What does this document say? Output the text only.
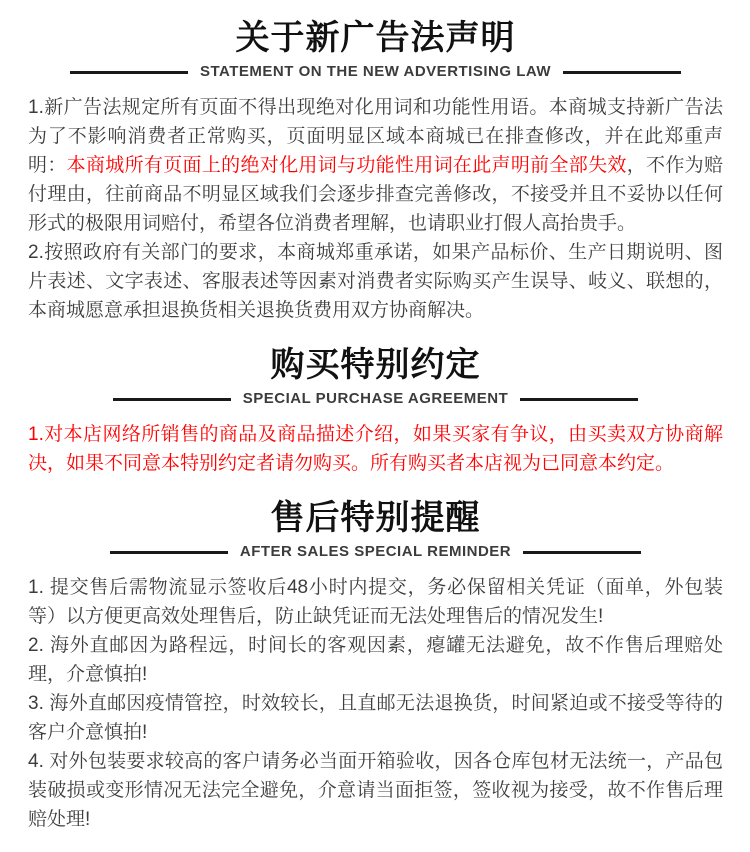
关于新广告法声明
STATEMENT ON THE NEW ADVERTISING LAW

1.新广告法规定所有页面不得出现绝对化用词和功能性用语。本商城支持新广告法为了不影响消费者正常购买，页面明显区域本商城已在排查修改，并在此郑重声明：本商城所有页面上的绝对化用词与功能性用词在此声明前全部失效，不作为赔付理由，往前商品不明显区域我们会逐步排查完善修改，不接受并且不妥协以任何形式的极限用词赔付，希望各位消费者理解，也请职业打假人高抬贵手。

2.按照政府有关部门的要求，本商城郑重承诺，如果产品标价、生产日期说明、图片表述、文字表述、客服表述等因素对消费者实际购买产生误导、岐义、联想的，本商城愿意承担退换货相关退换货费用双方协商解决。

购买特别约定
SPECIAL PURCHASE AGREEMENT

1.对本店网络所销售的商品及商品描述介绍，如果买家有争议，由买卖双方协商解决，如果不同意本特别约定者请勿购买。所有购买者本店视为已同意本约定。

售后特别提醒
AFTER SALES SPECIAL REMINDER

1. 提交售后需物流显示签收后48小时内提交，务必保留相关凭证（面单，外包装等）以方便更高效处理售后，防止缺凭证而无法处理售后的情况发生!

2. 海外直邮因为路程远，时间长的客观因素，瘪罐无法避免，故不作售后理赔处理，介意慎拍!

3. 海外直邮因疫情管控，时效较长，且直邮无法退换货，时间紧迫或不接受等待的客户介意慎拍!

4. 对外包装要求较高的客户请务必当面开箱验收，因各仓库包材无法统一，产品包装破损或变形情况无法完全避免，介意请当面拒签，签收视为接受，故不作售后理赔处理!
